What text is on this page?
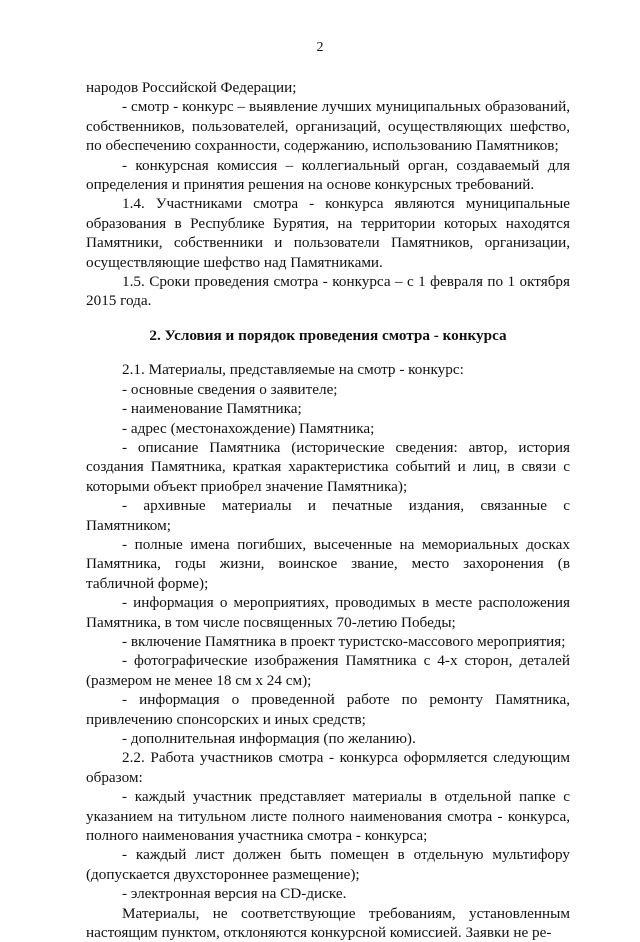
2

народов Российской Федерации;

- смотр - конкурс – выявление лучших муниципальных образований, собственников, пользователей, организаций, осуществляющих шефство, по обеспечению сохранности, содержанию, использованию Памятников;

- конкурсная комиссия – коллегиальный орган, создаваемый для определения и принятия решения на основе конкурсных требований.

1.4. Участниками смотра - конкурса являются муниципальные образования в Республике Бурятия, на территории которых находятся Памятники, собственники и пользователи Памятников, организации, осуществляющие шефство над Памятниками.

1.5. Сроки проведения смотра - конкурса – с 1 февраля по 1 октября 2015 года.

2. Условия и порядок проведения смотра - конкурса

2.1. Материалы, представляемые на смотр - конкурс:

- основные сведения о заявителе;

- наименование Памятника;

- адрес (местонахождение) Памятника;

- описание Памятника (исторические сведения: автор, история создания Памятника, краткая характеристика событий и лиц, в связи с которыми объект приобрел значение Памятника);

- архивные материалы и печатные издания, связанные с Памятником;

- полные имена погибших, высеченные на мемориальных досках Памятника, годы жизни, воинское звание, место захоронения (в табличной форме);

- информация о мероприятиях, проводимых в месте расположения Памятника, в том числе посвященных 70-летию Победы;

- включение Памятника в проект туристско-массового мероприятия;

- фотографические изображения Памятника с 4-х сторон, деталей (размером не менее 18 см х 24 см);

- информация о проведенной работе по ремонту Памятника, привлечению спонсорских и иных средств;

- дополнительная информация (по желанию).

2.2. Работа участников смотра - конкурса оформляется следующим образом:

- каждый участник представляет материалы в отдельной папке с указанием на титульном листе полного наименования смотра - конкурса, полного наименования участника смотра - конкурса;

- каждый лист должен быть помещен в отдельную мультифору (допускается двухстороннее размещение);

- электронная версия на CD-диске.

Материалы, не соответствующие требованиям, установленным настоящим пунктом, отклоняются конкурсной комиссией. Заявки не ре-
